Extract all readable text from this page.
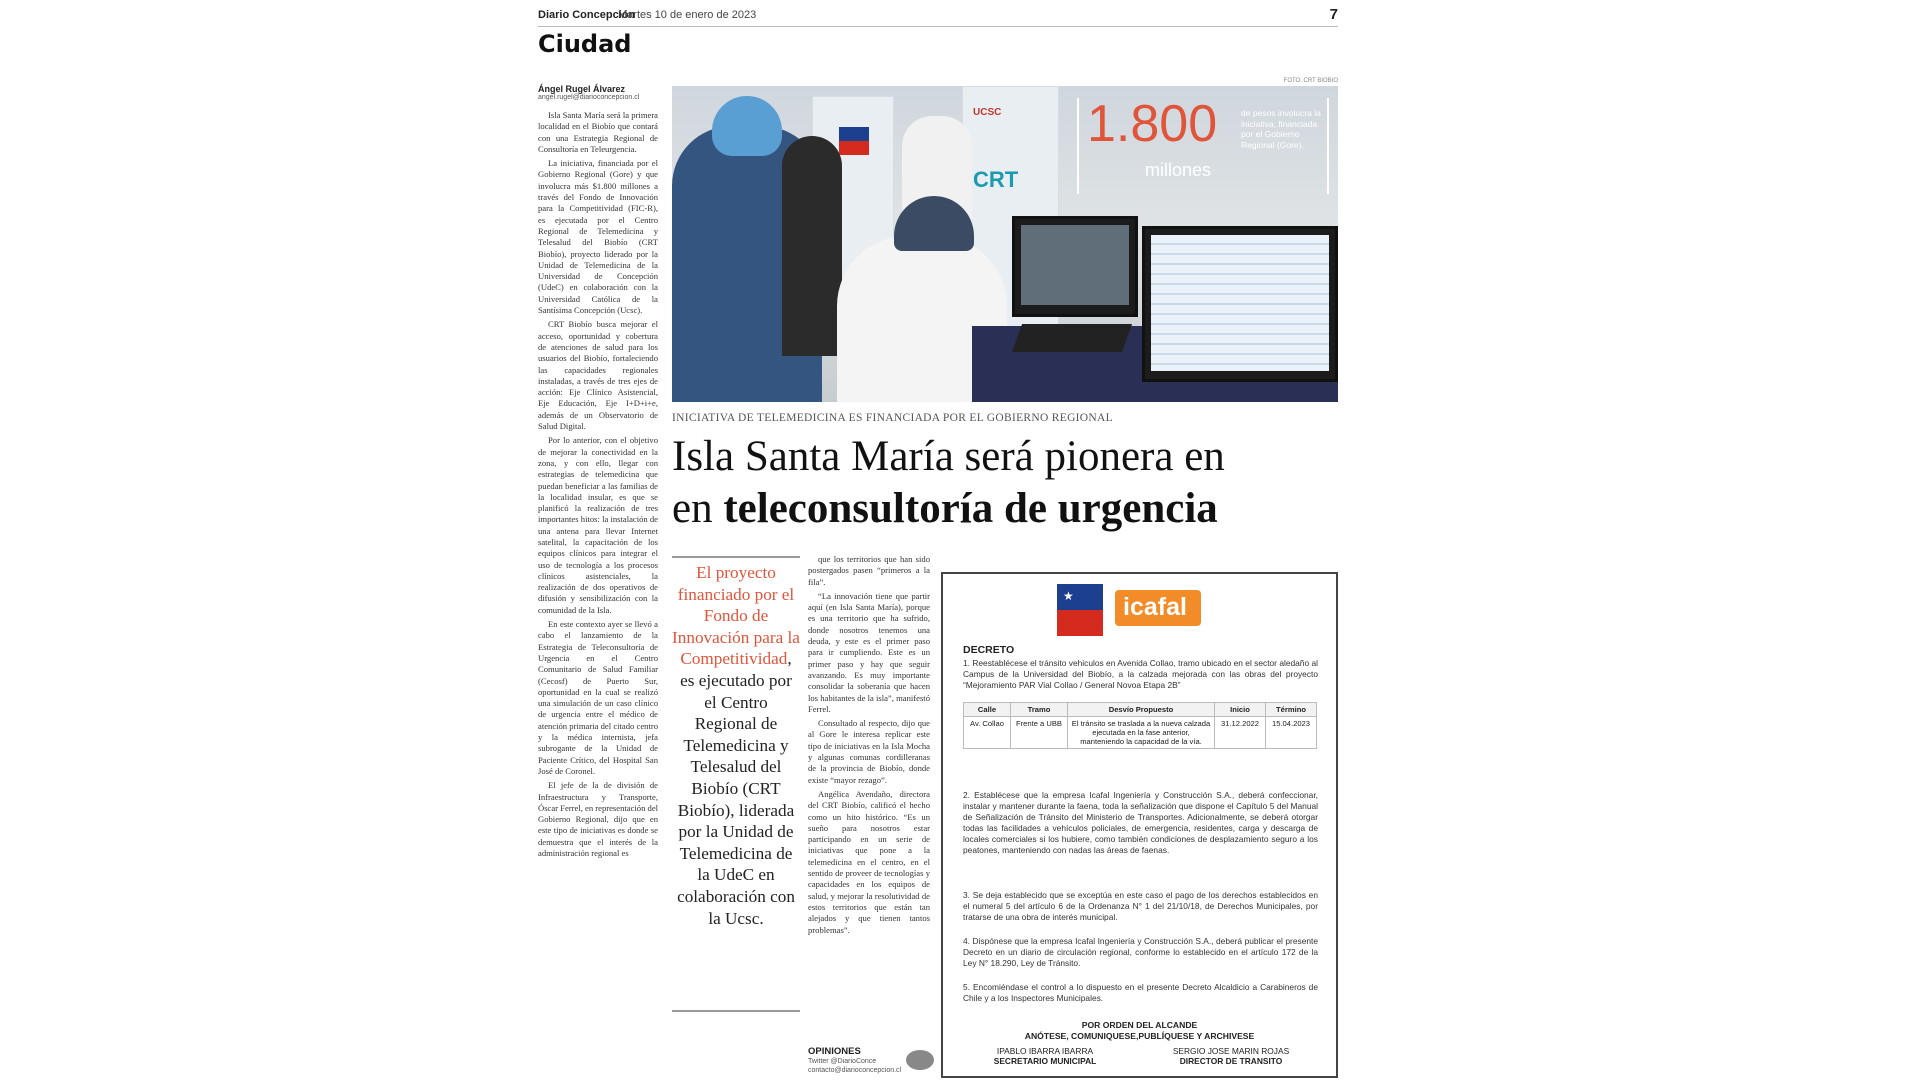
Diario Concepción
Martes 10 de enero de 2023	7
Ciudad
Ángel Rugel Álvarez
angel.rugel@diarioconcepcion.cl

Isla Santa María será la primera localidad en el Biobío que contará con una Estrategia Regional de Consultoría en Teleurgencia.

La iniciativa, financiada por el Gobierno Regional (Gore) y que involucra más $1.800 millones a través del Fondo de Innovación para la Competitividad (FIC-R), es ejecutada por el Centro Regional de Telemedicina y Telesalud del Biobío (CRT Biobío), proyecto liderado por la Unidad de Telemedicina de la Universidad de Concepción (UdeC) en colaboración con la Universidad Católica de la Santísima Concepción (Ucsc).

CRT Biobío busca mejorar el acceso, oportunidad y cobertura de atenciones de salud para los usuarios del Biobío, fortaleciendo las capacidades regionales instaladas, a través de tres ejes de acción: Eje Clínico Asistencial, Eje Educación, Eje I+D+i+e, además de un Observatorio de Salud Digital.

Por lo anterior, con el objetivo de mejorar la conectividad en la zona, y con ello, llegar con estrategias de telemedicina que puedan beneficiar a las familias de la localidad insular, es que se planificó la realización de tres importantes hitos: la instalación de una antena para llevar Internet satelital, la capacitación de los equipos clínicos para integrar el uso de tecnología a los procesos clínicos asistenciales, la realización de dos operativos de difusión y sensibilización con la comunidad de la Isla.

En este contexto ayer se llevó a cabo el lanzamiento de la Estrategia de Teleconsultoría de Urgencia en el Centro Comunitario de Salud Familiar (Cecosf) de Puerto Sur, oportunidad en la cual se realizó una simulación de un caso clínico de urgencia entre el médico de atención primaria del citado centro y la médica internista, jefa subrogante de la Unidad de Paciente Crítico, del Hospital San José de Coronel.

El jefe de la de división de Infraestructura y Transporte, Óscar Ferrel, en representación del Gobierno Regional, dijo que en este tipo de iniciativas es donde se demuestra que el interés de la administración regional es

FOTO: CRT BIOBIO
UCSC
CRT
1.800
millones
de pesos involucra la iniciativa, financiada por el Gobierno Regional (Gore).
INICIATIVA DE TELEMEDICINA ES FINANCIADA POR EL GOBIERNO REGIONAL
Isla Santa María será pionera en
en teleconsultoría de urgencia
El proyecto financiado por el Fondo de Innovación para la Competitividad, es ejecutado por el Centro Regional de Telemedicina y Telesalud del Biobío (CRT Biobío), liderada por la Unidad de Telemedicina de la UdeC en colaboración con la Ucsc.

que los territorios que han sido postergados pasen “primeros a la fila”.

“La innovación tiene que partir aquí (en Isla Santa María), porque es una territorio que ha sufrido, donde nosotros tenemos una deuda, y este es el primer paso para ir cumpliendo. Este es un primer paso y hay que seguir avanzando. Es muy importante consolidar la soberanía que hacen los habitantes de la isla”, manifestó Ferrel.

Consultado al respecto, dijo que al Gore le interesa replicar este tipo de iniciativas en la Isla Mocha y algunas comunas cordilleranas de la provincia de Biobío, donde existe “mayor rezago”.

Angélica Avendaño, directora del CRT Biobío, calificó el hecho como un hito histórico. “Es un sueño para nosotros estar participando en un serie de iniciativas que pone a la telemedicina en el centro, en el sentido de proveer de tecnologías y capacidades en los equipos de salud, y mejorar la resolutividad de estos territorios que están tan alejados y que tienen tantos problemas”.

OPINIONES
Twitter @DiarioConce
contacto@diarioconcepcion.cl
★ icafal
DECRETO
1. Reestablécese el tránsito vehiculos en Avenida Collao, tramo ubicado en el sector aledaño al Campus de la Universidad del Biobío, a la calzada mejorada con las obras del proyecto “Mejoramiento PAR Vial Collao / General Novoa Etapa 2B”
Calle	Tramo	Desvío Propuesto	Inicio	Término
Av. Collao	Frente a UBB	El tránsito se traslada a la nueva calzada ejecutada en la fase anterior, manteniendo la capacidad de la vía.	31.12.2022	15.04.2023
2. Establécese que la empresa Icafal Ingeniería y Construcción S.A., deberá confeccionar, instalar y mantener durante la faena, toda la señalización que dispone el Capítulo 5 del Manual de Señalización de Tránsito del Ministerio de Transportes. Adicionalmente, se deberá otorgar todas las facilidades a vehículos policiales, de emergencia, residentes, carga y descarga de locales comerciales si los hubiere, como también condiciones de desplazamiento seguro a los peatones, manteniendo con nadas las áreas de faenas.
3. Se deja establecido que se exceptúa en este caso el pago de los derechos establecidos en el numeral 5 del artículo 6 de la Ordenanza N° 1 del 21/10/18, de Derechos Municipales, por tratarse de una obra de interés municipal.
4. Dispónese que la empresa Icafal Ingeniería y Construcción S.A., deberá publicar el presente Decreto en un diario de circulación regional, conforme lo establecido en el artículo 172 de la Ley N° 18.290, Ley de Tránsito.
5. Encomiéndase el control a lo dispuesto en el presente Decreto Alcaldicio a Carabineros de Chile y a los Inspectores Municipales.
POR ORDEN DEL ALCANDE
ANÓTESE, COMUNIQUESE,PUBLÍQUESE Y ARCHIVESE
IPABLO IBARRA IBARRA
SECRETARIO MUNICIPAL
SERGIO JOSE MARIN ROJAS
DIRECTOR DE TRANSITO
